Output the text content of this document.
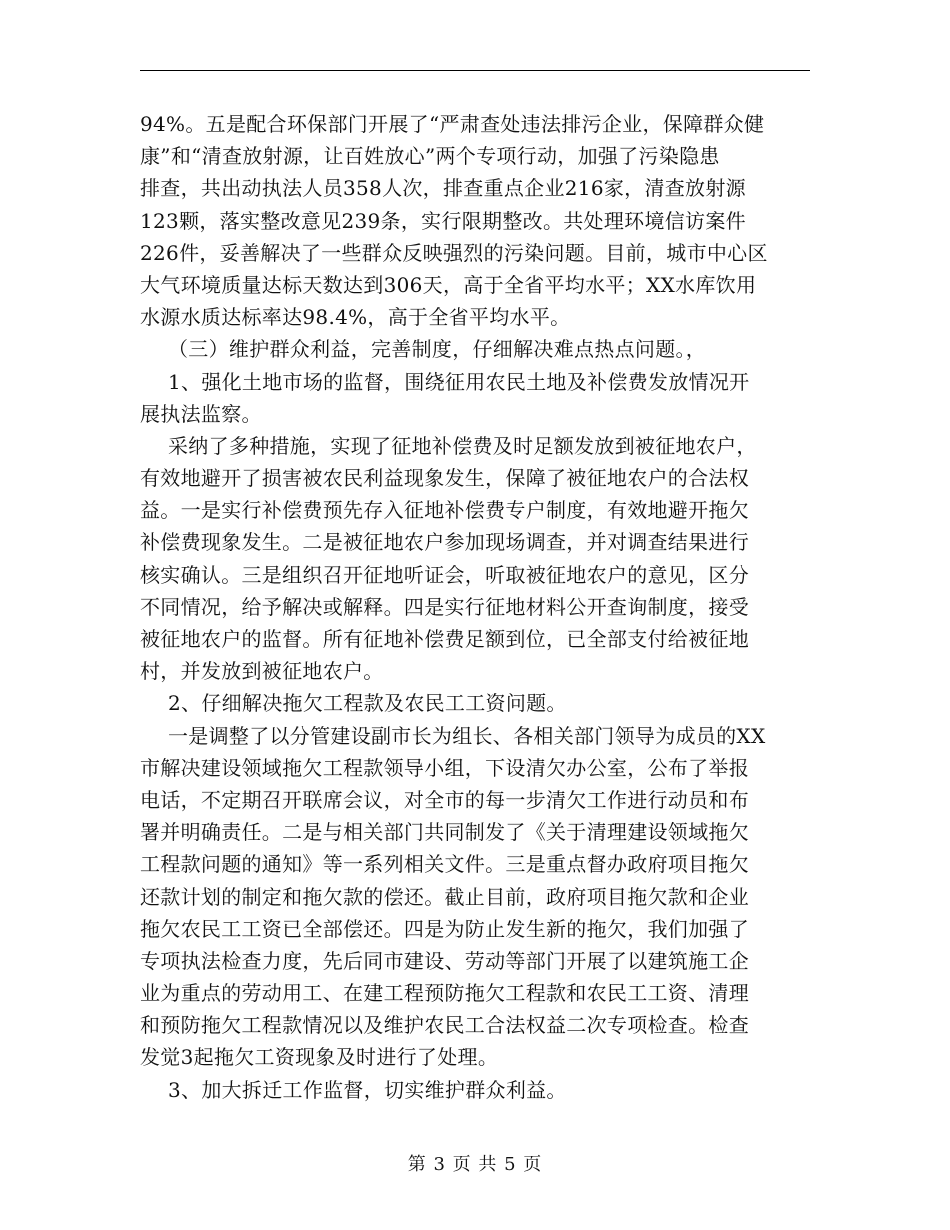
94%。五是配合环保部门开展了“严肃查处违法排污企业，保障群众健
康”和“清查放射源，让百姓放心”两个专项行动，加强了污染隐患
排查，共出动执法人员358人次，排查重点企业216家，清查放射源
123颗，落实整改意见239条，实行限期整改。共处理环境信访案件
226件，妥善解决了一些群众反映强烈的污染问题。目前，城市中心区
大气环境质量达标天数达到306天，高于全省平均水平；XX水库饮用
水源水质达标率达98.4%，高于全省平均水平。
（三）维护群众利益，完善制度，仔细解决难点热点问题。，
1、强化土地市场的监督，围绕征用农民土地及补偿费发放情况开
展执法监察。
采纳了多种措施，实现了征地补偿费及时足额发放到被征地农户，
有效地避开了损害被农民利益现象发生，保障了被征地农户的合法权
益。一是实行补偿费预先存入征地补偿费专户制度，有效地避开拖欠
补偿费现象发生。二是被征地农户参加现场调查，并对调查结果进行
核实确认。三是组织召开征地听证会，听取被征地农户的意见，区分
不同情况，给予解决或解释。四是实行征地材料公开查询制度，接受
被征地农户的监督。所有征地补偿费足额到位，已全部支付给被征地
村，并发放到被征地农户。
2、仔细解决拖欠工程款及农民工工资问题。
一是调整了以分管建设副市长为组长、各相关部门领导为成员的XX
市解决建设领域拖欠工程款领导小组，下设清欠办公室，公布了举报
电话，不定期召开联席会议，对全市的每一步清欠工作进行动员和布
署并明确责任。二是与相关部门共同制发了《关于清理建设领域拖欠
工程款问题的通知》等一系列相关文件。三是重点督办政府项目拖欠
还款计划的制定和拖欠款的偿还。截止目前，政府项目拖欠款和企业
拖欠农民工工资已全部偿还。四是为防止发生新的拖欠，我们加强了
专项执法检查力度，先后同市建设、劳动等部门开展了以建筑施工企
业为重点的劳动用工、在建工程预防拖欠工程款和农民工工资、清理
和预防拖欠工程款情况以及维护农民工合法权益二次专项检查。检查
发觉3起拖欠工资现象及时进行了处理。
3、加大拆迁工作监督，切实维护群众利益。
第 3 页 共 5 页
